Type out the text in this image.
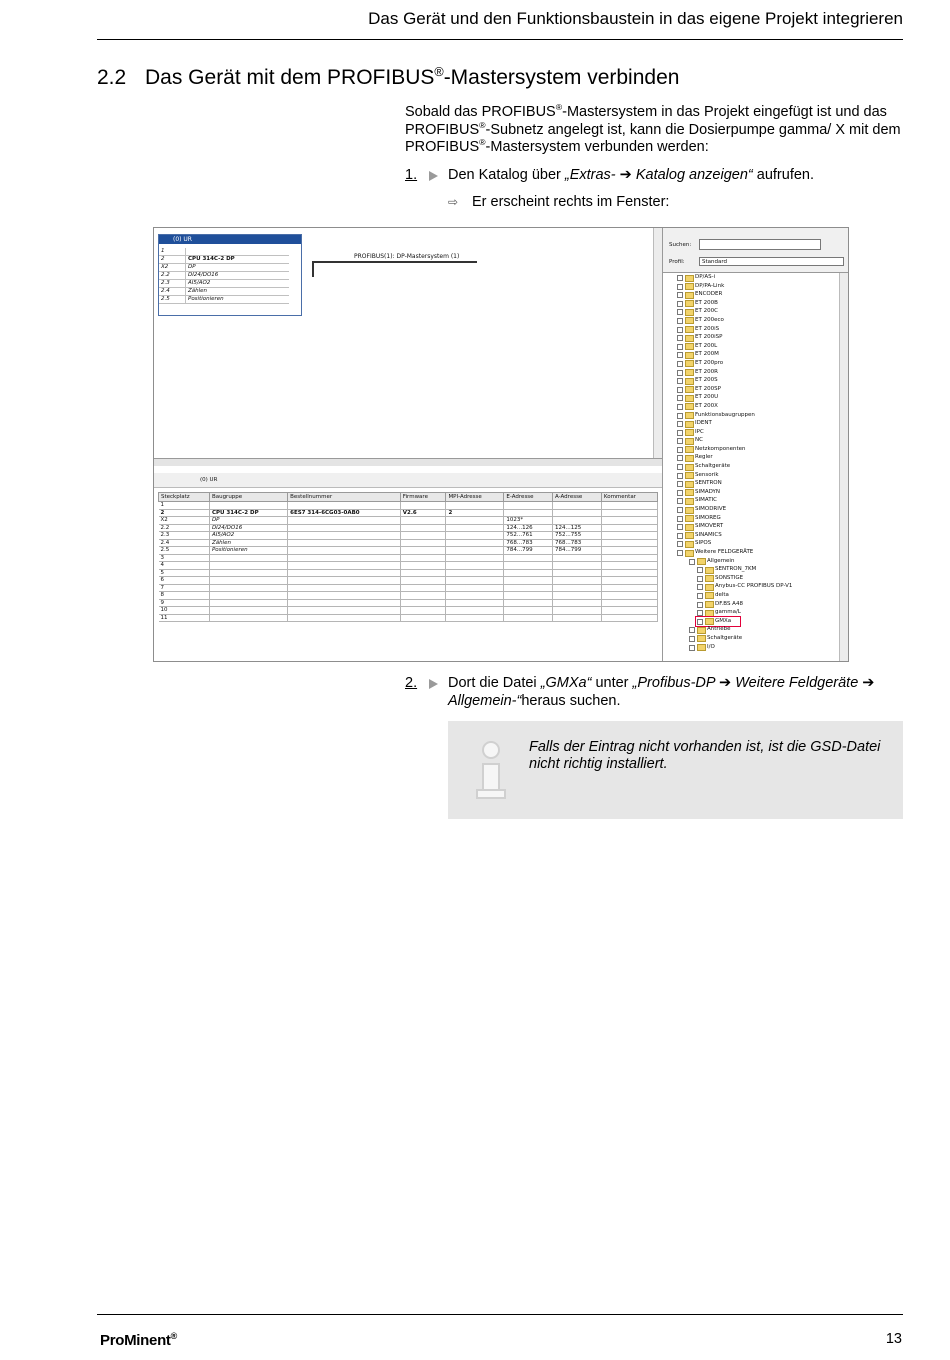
Das Gerät und den Funktionsbaustein in das eigene Projekt integrieren
2.2 Das Gerät mit dem PROFIBUS®-Mastersystem verbinden

Sobald das PROFIBUS®-Mastersystem in das Projekt eingefügt ist und das PROFIBUS®-Subnetz angelegt ist, kann die Dosierpumpe gamma/ X mit dem PROFIBUS®-Mastersystem verbunden werden:

1. Den Katalog über „Extras- ➔ Katalog anzeigen“ aufrufen.
⇨ Er erscheint rechts im Fenster:
(0) UR
1	
2	CPU 314C-2 DP
X2	DP
2.2	DI24/DO16
2.3	AI5/AO2
2.4	Zählen
2.5	Positionieren
PROFIBUS(1): DP-Mastersystem (1)
(0) UR
Steckplatz	Baugruppe	Bestellnummer	Firmware	MPI-Adresse	E-Adresse	A-Adresse	Kommentar
1							
2	CPU 314C-2 DP	6ES7 314-6CG03-0AB0	V2.6	2			
X2	DP				1023*		
2.2	DI24/DO16				124...126	124...125	
2.3	AI5/AO2				752...761	752...755	
2.4	Zählen				768...783	768...783	
2.5	Positionieren				784...799	784...799	
3							
4							
5							
6							
7							
8							
9							
10							
11							
Suchen:
Profil:	Standard
DP/AS-i
DP/PA-Link
ENCODER
ET 200B
ET 200C
ET 200eco
ET 200iS
ET 200iSP
ET 200L
ET 200M
ET 200pro
ET 200R
ET 200S
ET 200SP
ET 200U
ET 200X
Funktionsbaugruppen
IDENT
IPC
NC
Netzkomponenten
Regler
Schaltgeräte
Sensorik
SENTRON
SIMADYN
SIMATIC
SIMODRIVE
SIMOREG
SIMOVERT
SINAMICS
SIPOS
Weitere FELDGERÄTE
Allgemein
SENTRON_7KM
SONSTIGE
Anybus-CC PROFIBUS DP-V1
delta
DF.BS A48
gamma/L
GMXa
Antriebe
Schaltgeräte
I/O
2. Dort die Datei „GMXa“ unter „Profibus-DP ➔ Weitere Feldgeräte ➔ Allgemein-“heraus suchen.
Falls der Eintrag nicht vorhanden ist, ist die GSD-Datei nicht richtig installiert.
ProMinent®	13
